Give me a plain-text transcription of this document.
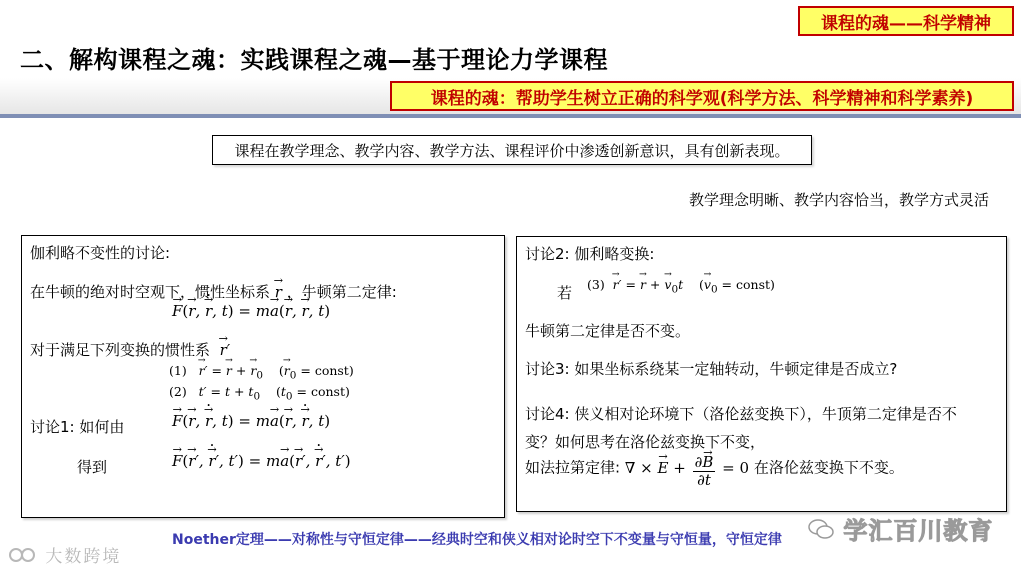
课程的魂——科学精神
二、解构课程之魂：实践课程之魂—基于理论力学课程
课程的魂：帮助学生树立正确的科学观(科学方法、科学精神和科学素养)
课程在教学理念、教学内容、教学方法、课程评价中渗透创新意识，具有创新表现。
教学理念明晰、教学内容恰当，教学方式灵活
伽利略不变性的讨论:
在牛顿的绝对时空观下，惯性坐标系 → r ，牛顿第二定律:
→ F(→ r, → r ·, t) = m→ a(→ r, → r ·, t)
对于满足下列变换的惯性系 → r′
(1) → r′ = → r + → $r_0$ (→ $r_0$ = const)
(2)   $t' = t + t_0$ ($t_0$ = const)
讨论1: 如何由	→ F(→ r, → r ·, t) = m→ a(→ r, → r ·, t)
得到	→ F(→ r′, → r ·′, t′) = m→ a(→ r′, → r ·′, t′)
讨论2: 伽利略变换:
若 (3) → r′ = → r + → $v_0t$    (→ $v_0$ = const)
牛顿第二定律是否不变。
讨论3: 如果坐标系绕某一定轴转动，牛顿定律是否成立?
讨论4: 侠义相对论环境下（洛伦兹变换下），牛顶第二定律是否不
变？如何思考在洛伦兹变换下不变，
如法拉第定律: ∇ × → $E + \frac{\partial\to B}{\partial t} = 0$ 在洛伦兹变换下不变。
Noether定理——对称性与守恒定律——经典时空和侠义相对论时空下不变量与守恒量，守恒定律
大数跨境
学汇百川教育
